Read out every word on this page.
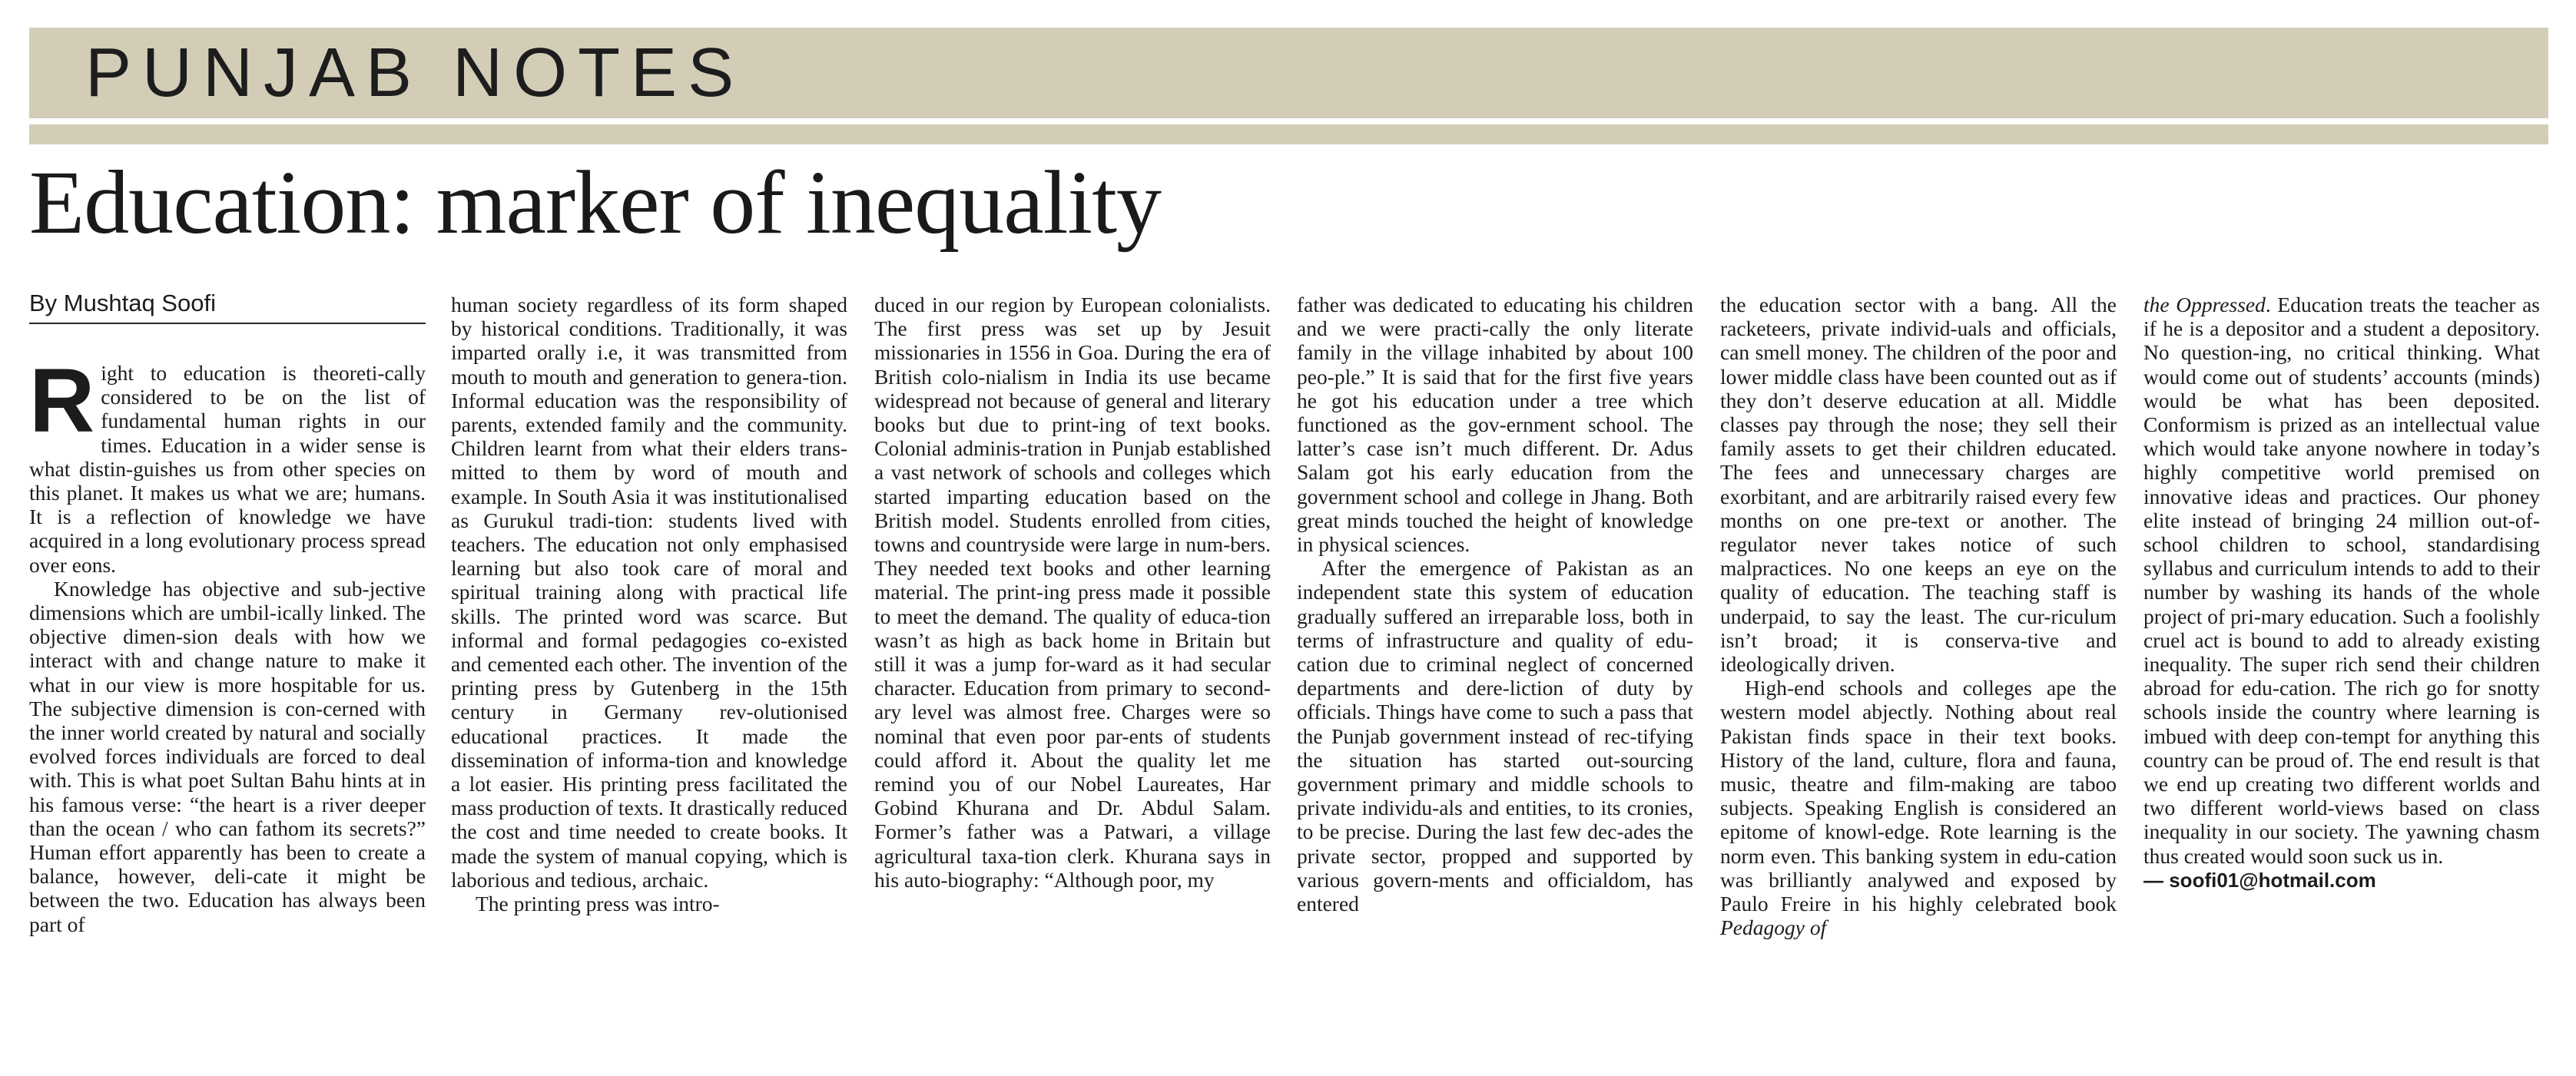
PUNJAB NOTES
Education: marker of inequality
By Mushtaq Soofi

Right to education is theoreti-cally considered to be on the list of fundamental human rights in our times. Education in a wider sense is what distin-guishes us from other species on this planet. It makes us what we are; humans. It is a reflection of knowledge we have acquired in a long evolutionary process spread over eons.

Knowledge has objective and sub-jective dimensions which are umbil-ically linked. The objective dimen-sion deals with how we interact with and change nature to make it what in our view is more hospitable for us. The subjective dimension is con-cerned with the inner world created by natural and socially evolved forces individuals are forced to deal with. This is what poet Sultan Bahu hints at in his famous verse: “the heart is a river deeper than the ocean / who can fathom its secrets?” Human effort apparently has been to create a balance, however, deli-cate it might be between the two. Education has always been part of

human society regardless of its form shaped by historical conditions. Traditionally, it was imparted orally i.e, it was transmitted from mouth to mouth and generation to genera-tion. Informal education was the responsibility of parents, extended family and the community. Children learnt from what their elders trans-mitted to them by word of mouth and example. In South Asia it was institutionalised as Gurukul tradi-tion: students lived with teachers. The education not only emphasised learning but also took care of moral and spiritual training along with practical life skills. The printed word was scarce. But informal and formal pedagogies co-existed and cemented each other. The invention of the printing press by Gutenberg in the 15th century in Germany rev-olutionised educational practices. It made the dissemination of informa-tion and knowledge a lot easier. His printing press facilitated the mass production of texts. It drastically reduced the cost and time needed to create books. It made the system of manual copying, which is laborious and tedious, archaic.

The printing press was intro-

duced in our region by European colonialists. The first press was set up by Jesuit missionaries in 1556 in Goa. During the era of British colo-nialism in India its use became widespread not because of general and literary books but due to print-ing of text books. Colonial adminis-tration in Punjab established a vast network of schools and colleges which started imparting education based on the British model. Students enrolled from cities, towns and countryside were large in num-bers. They needed text books and other learning material. The print-ing press made it possible to meet the demand. The quality of educa-tion wasn’t as high as back home in Britain but still it was a jump for-ward as it had secular character. Education from primary to second-ary level was almost free. Charges were so nominal that even poor par-ents of students could afford it. About the quality let me remind you of our Nobel Laureates, Har Gobind Khurana and Dr. Abdul Salam. Former’s father was a Patwari, a village agricultural taxa-tion clerk. Khurana says in his auto-biography: “Although poor, my

father was dedicated to educating his children and we were practi-cally the only literate family in the village inhabited by about 100 peo-ple.” It is said that for the first five years he got his education under a tree which functioned as the gov-ernment school. The latter’s case isn’t much different. Dr. Adus Salam got his early education from the government school and college in Jhang. Both great minds touched the height of knowledge in physical sciences.

After the emergence of Pakistan as an independent state this system of education gradually suffered an irreparable loss, both in terms of infrastructure and quality of edu-cation due to criminal neglect of concerned departments and dere-liction of duty by officials. Things have come to such a pass that the Punjab government instead of rec-tifying the situation has started out-sourcing government primary and middle schools to private individu-als and entities, to its cronies, to be precise. During the last few dec-ades the private sector, propped and supported by various govern-ments and officialdom, has entered

the education sector with a bang. All the racketeers, private individ-uals and officials, can smell money. The children of the poor and lower middle class have been counted out as if they don’t deserve education at all. Middle classes pay through the nose; they sell their family assets to get their children educated. The fees and unnecessary charges are exorbitant, and are arbitrarily raised every few months on one pre-text or another. The regulator never takes notice of such malpractices. No one keeps an eye on the quality of education. The teaching staff is underpaid, to say the least. The cur-riculum isn’t broad; it is conserva-tive and ideologically driven.

High-end schools and colleges ape the western model abjectly. Nothing about real Pakistan finds space in their text books. History of the land, culture, flora and fauna, music, theatre and film-making are taboo subjects. Speaking English is considered an epitome of knowl-edge. Rote learning is the norm even. This banking system in edu-cation was brilliantly analywed and exposed by Paulo Freire in his highly celebrated book Pedagogy of

the Oppressed. Education treats the teacher as if he is a depositor and a student a depository. No question-ing, no critical thinking. What would come out of students’ accounts (minds) would be what has been deposited. Conformism is prized as an intellectual value which would take anyone nowhere in today’s highly competitive world premised on innovative ideas and practices. Our phoney elite instead of bringing 24 million out-of-school children to school, standardising syllabus and curriculum intends to add to their number by washing its hands of the whole project of pri-mary education. Such a foolishly cruel act is bound to add to already existing inequality. The super rich send their children abroad for edu-cation. The rich go for snotty schools inside the country where learning is imbued with deep con-tempt for anything this country can be proud of. The end result is that we end up creating two different worlds and two different world-views based on class inequality in our society. The yawning chasm thus created would soon suck us in.

— soofi01@hotmail.com
